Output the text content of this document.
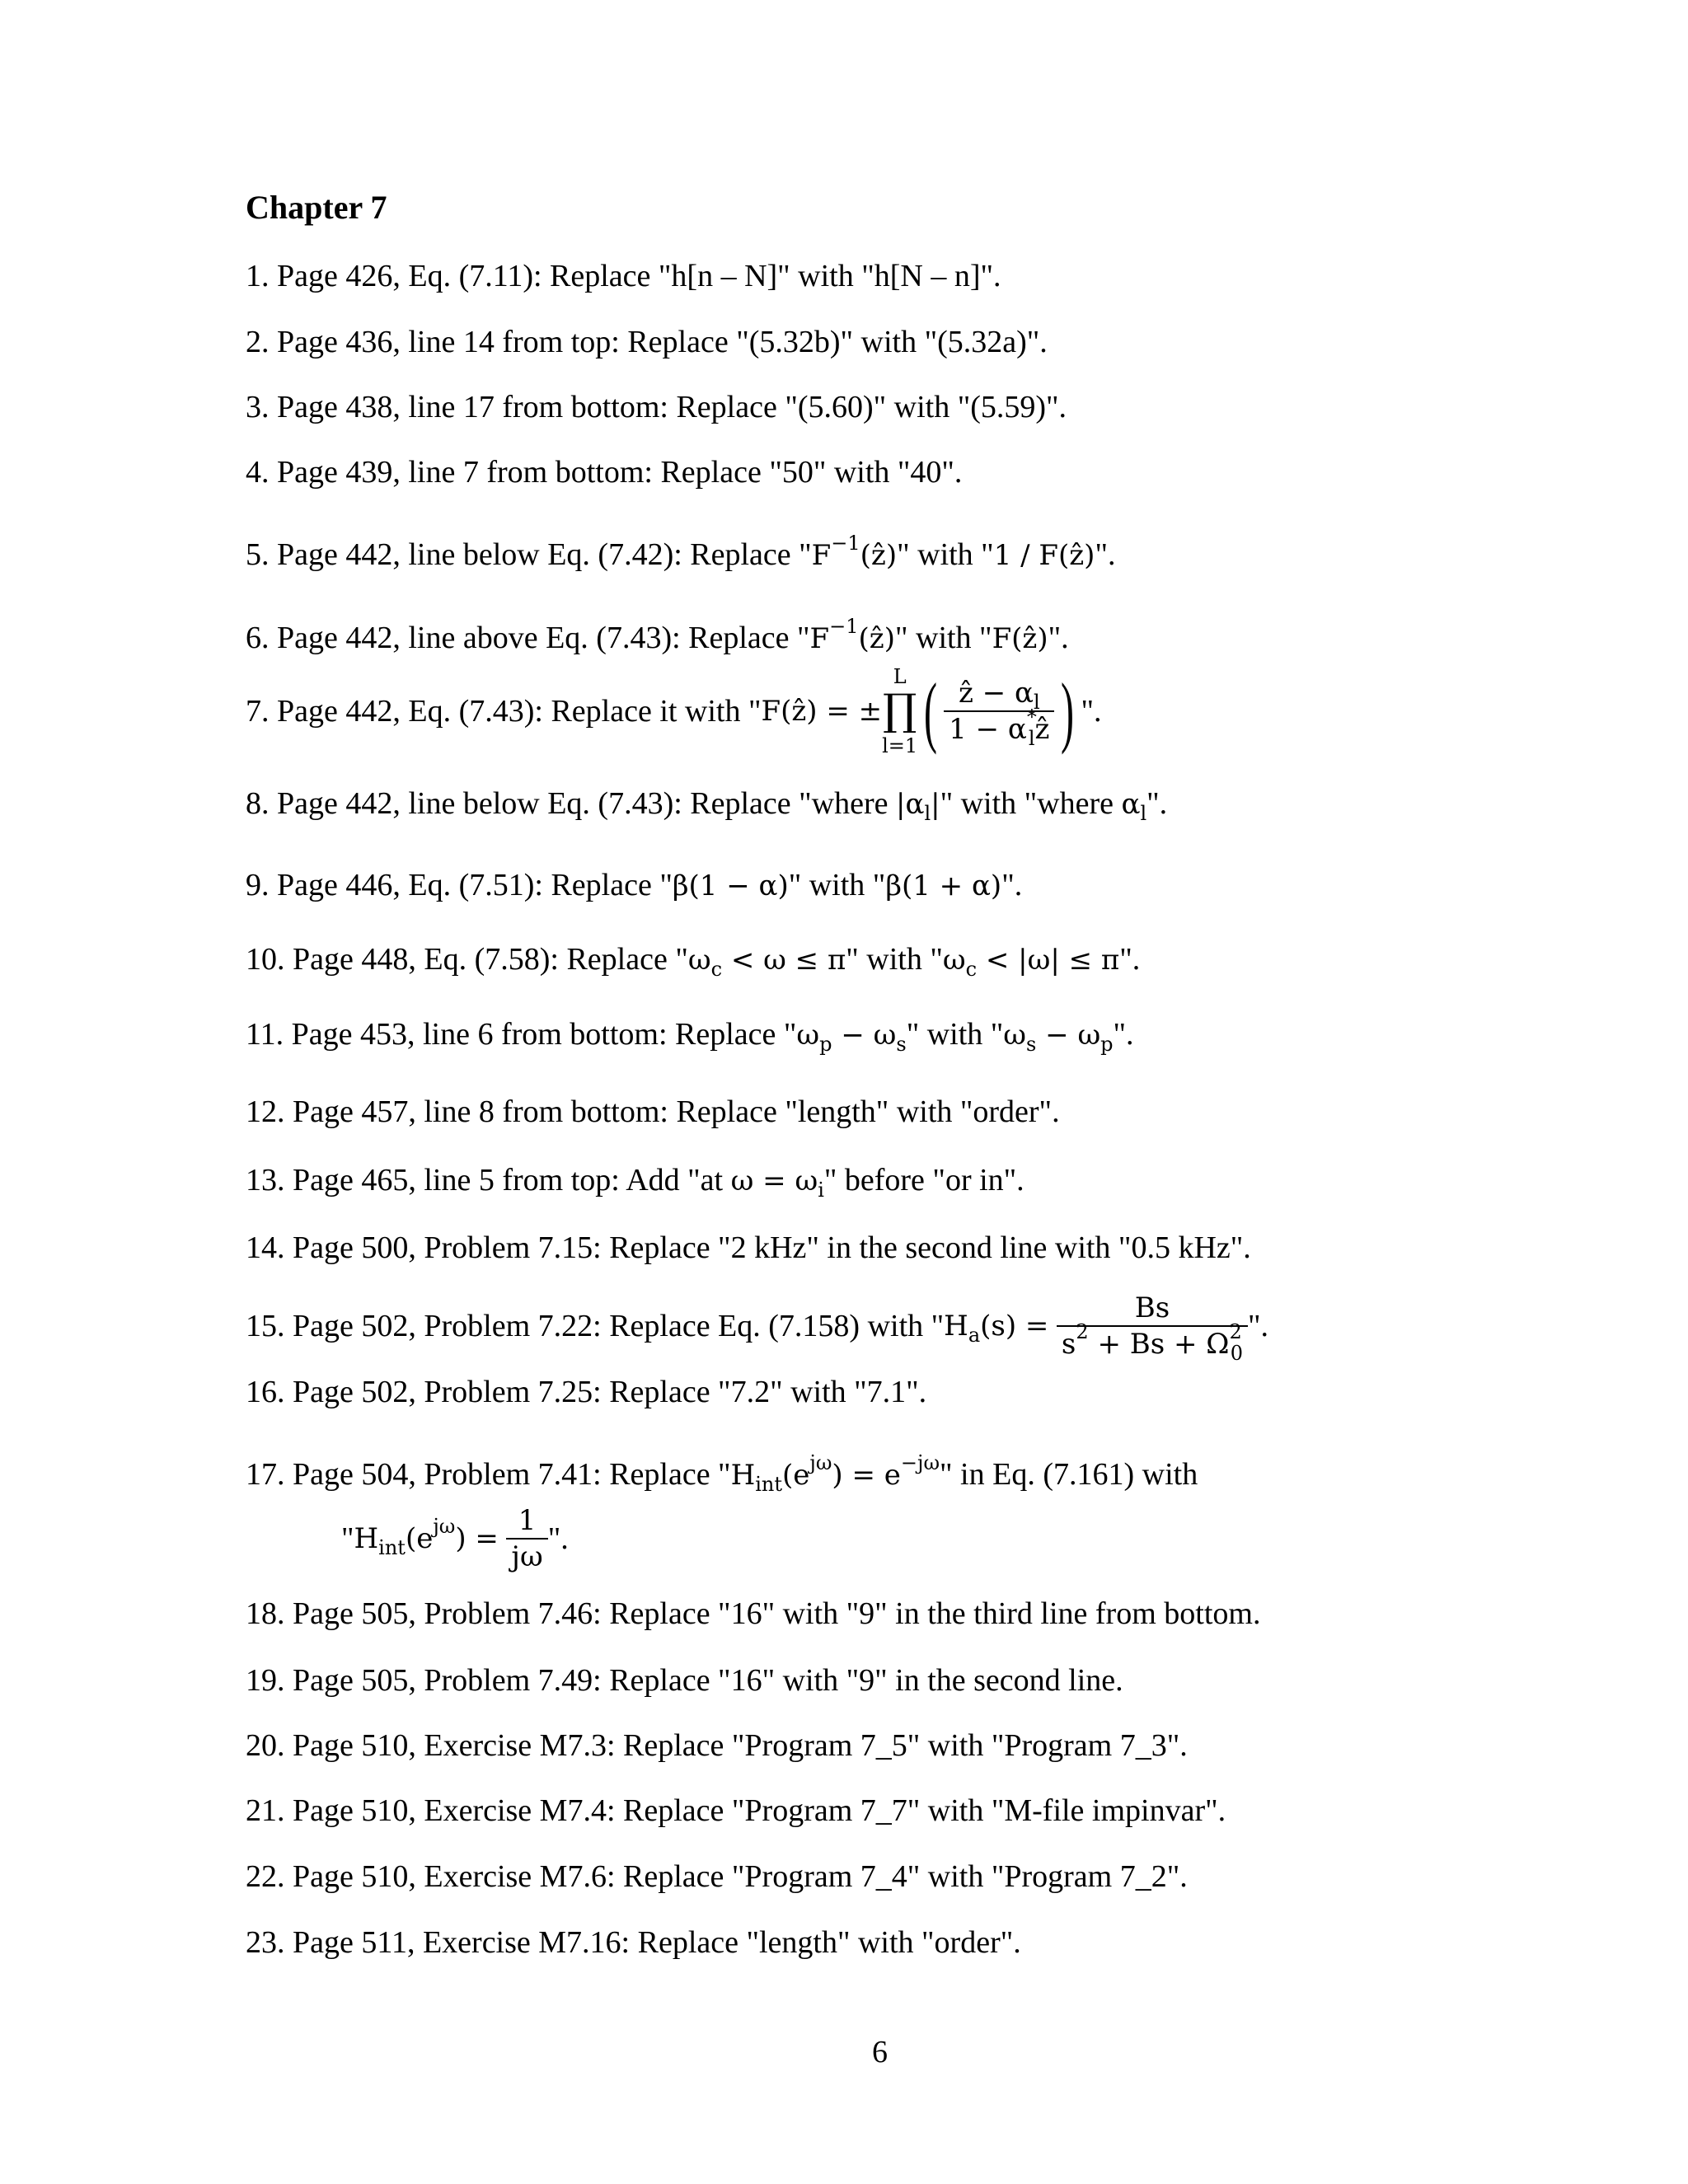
Chapter 7
1. Page 426, Eq. (7.11): Replace "h[n – N]" with "h[N – n]".
2. Page 436, line 14 from top: Replace "(5.32b)" with "(5.32a)".
3. Page 438, line 17 from bottom: Replace "(5.60)" with "(5.59)".
4. Page 439, line 7 from bottom: Replace "50" with "40".
5. Page 442, line below Eq. (7.42): Replace "$F^{-1}(ẑ)$" with "1 / F(ẑ)".
6. Page 442, line above Eq. (7.43): Replace "$F^{-1}(ẑ)$" with "F(ẑ)".
7. Page 442, Eq. (7.43): Replace it with "F(ẑ) = ±L
∏
$l=1( \frac{ẑ - \alpha_l}{1 - \alpha^*_lẑ}$ ) ".
8. Page 442, line below Eq. (7.43): Replace "where $|\alpha_l|$" with "where $\alpha_l$".
9. Page 446, Eq. (7.51): Replace "β(1 − α)" with "β(1 + α)".
10. Page 448, Eq. (7.58): Replace "$\omega_c < \omega \le \pi$" with "$\omega_c < |\omega| \le \pi$".
11. Page 453, line 6 from bottom: Replace "$\omega_p - \omega_s$" with "$\omega_s - \omega_p$".
12. Page 457, line 8 from bottom: Replace "length" with "order".
13. Page 465, line 5 from top: Add "at $\omega = \omega_i$" before "or in".
14. Page 500, Problem 7.15: Replace "2 kHz" in the second line with "0.5 kHz".
15. Page 502, Problem 7.22: Replace Eq. (7.158) with "$H_a(s) = \frac{Bs}{s^2 + Bs + \Omega^2_0}$ ".
16. Page 502, Problem 7.25: Replace "7.2" with "7.1".
17. Page 504, Problem 7.41: Replace "$H_{int}(e^{j\omega}) = e^{-j\omega}$" in Eq. (7.161) with
"$H_{int}(e^{j\omega}) = \frac{1}{j\omega}$ ".
18. Page 505, Problem 7.46: Replace "16" with "9" in the third line from bottom.
19. Page 505, Problem 7.49: Replace "16" with "9" in the second line.
20. Page 510, Exercise M7.3: Replace "Program 7_5" with "Program 7_3".
21. Page 510, Exercise M7.4: Replace "Program 7_7" with "M-file impinvar".
22. Page 510, Exercise M7.6: Replace "Program 7_4" with "Program 7_2".
23. Page 511, Exercise M7.16: Replace "length" with "order".
6
